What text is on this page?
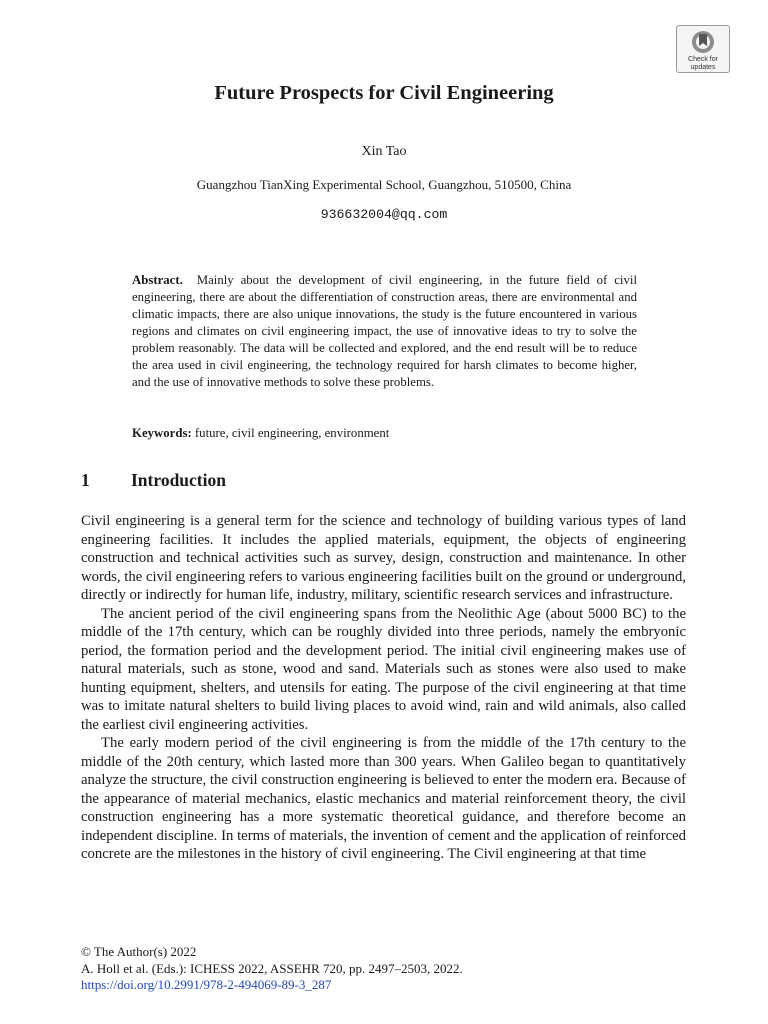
Check for
updates
Future Prospects for Civil Engineering
Xin Tao
Guangzhou TianXing Experimental School, Guangzhou, 510500, China
936632004@qq.com
Abstract. Mainly about the development of civil engineering, in the future field of civil engineering, there are about the differentiation of construction areas, there are environmental and climatic impacts, there are also unique innovations, the study is the future encountered in various regions and climates on civil engineering impact, the use of innovative ideas to try to solve the problem reasonably. The data will be collected and explored, and the end result will be to reduce the area used in civil engineering, the technology required for harsh climates to become higher, and the use of innovative methods to solve these problems.
Keywords: future, civil engineering, environment
1 Introduction

Civil engineering is a general term for the science and technology of building various types of land engineering facilities. It includes the applied materials, equipment, the objects of engineering construction and technical activities such as survey, design, construction and maintenance. In other words, the civil engineering refers to various engineering facilities built on the ground or underground, directly or indirectly for human life, industry, military, scientific research services and infrastructure.

The ancient period of the civil engineering spans from the Neolithic Age (about 5000 BC) to the middle of the 17th century, which can be roughly divided into three periods, namely the embryonic period, the formation period and the development period. The initial civil engineering makes use of natural materials, such as stone, wood and sand. Materials such as stones were also used to make hunting equipment, shelters, and utensils for eating. The purpose of the civil engineering at that time was to imitate natural shelters to build living places to avoid wind, rain and wild animals, also called the earliest civil engineering activities.

The early modern period of the civil engineering is from the middle of the 17th century to the middle of the 20th century, which lasted more than 300 years. When Galileo began to quantitatively analyze the structure, the civil construction engineering is believed to enter the modern era. Because of the appearance of material mechanics, elastic mechanics and material reinforcement theory, the civil construction engineering has a more systematic theoretical guidance, and therefore become an independent discipline. In terms of materials, the invention of cement and the application of reinforced concrete are the milestones in the history of civil engineering. The Civil engineering at that time

© The Author(s) 2022
A. Holl et al. (Eds.): ICHESS 2022, ASSEHR 720, pp. 2497–2503, 2022.
https://doi.org/10.2991/978-2-494069-89-3_287
